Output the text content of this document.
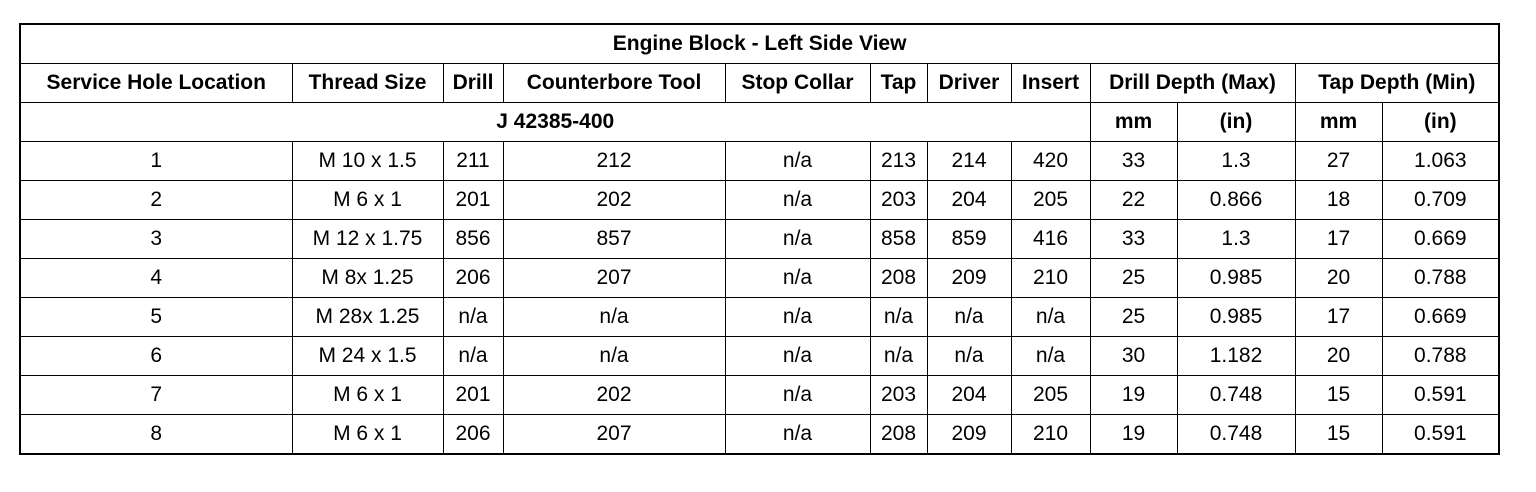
Engine Block - Left Side View											
Service Hole Location	Thread Size	Drill	Counterbore Tool	Stop Collar	Tap	Driver	Insert	Drill Depth (Max)		Tap Depth (Min)	
J 42385-400								mm	(in)	mm	(in)
1	M 10 x 1.5	211	212	n/a	213	214	420	33	1.3	27	1.063
2	M 6 x 1	201	202	n/a	203	204	205	22	0.866	18	0.709
3	M 12 x 1.75	856	857	n/a	858	859	416	33	1.3	17	0.669
4	M 8x 1.25	206	207	n/a	208	209	210	25	0.985	20	0.788
5	M 28x 1.25	n/a	n/a	n/a	n/a	n/a	n/a	25	0.985	17	0.669
6	M 24 x 1.5	n/a	n/a	n/a	n/a	n/a	n/a	30	1.182	20	0.788
7	M 6 x 1	201	202	n/a	203	204	205	19	0.748	15	0.591
8	M 6 x 1	206	207	n/a	208	209	210	19	0.748	15	0.591
